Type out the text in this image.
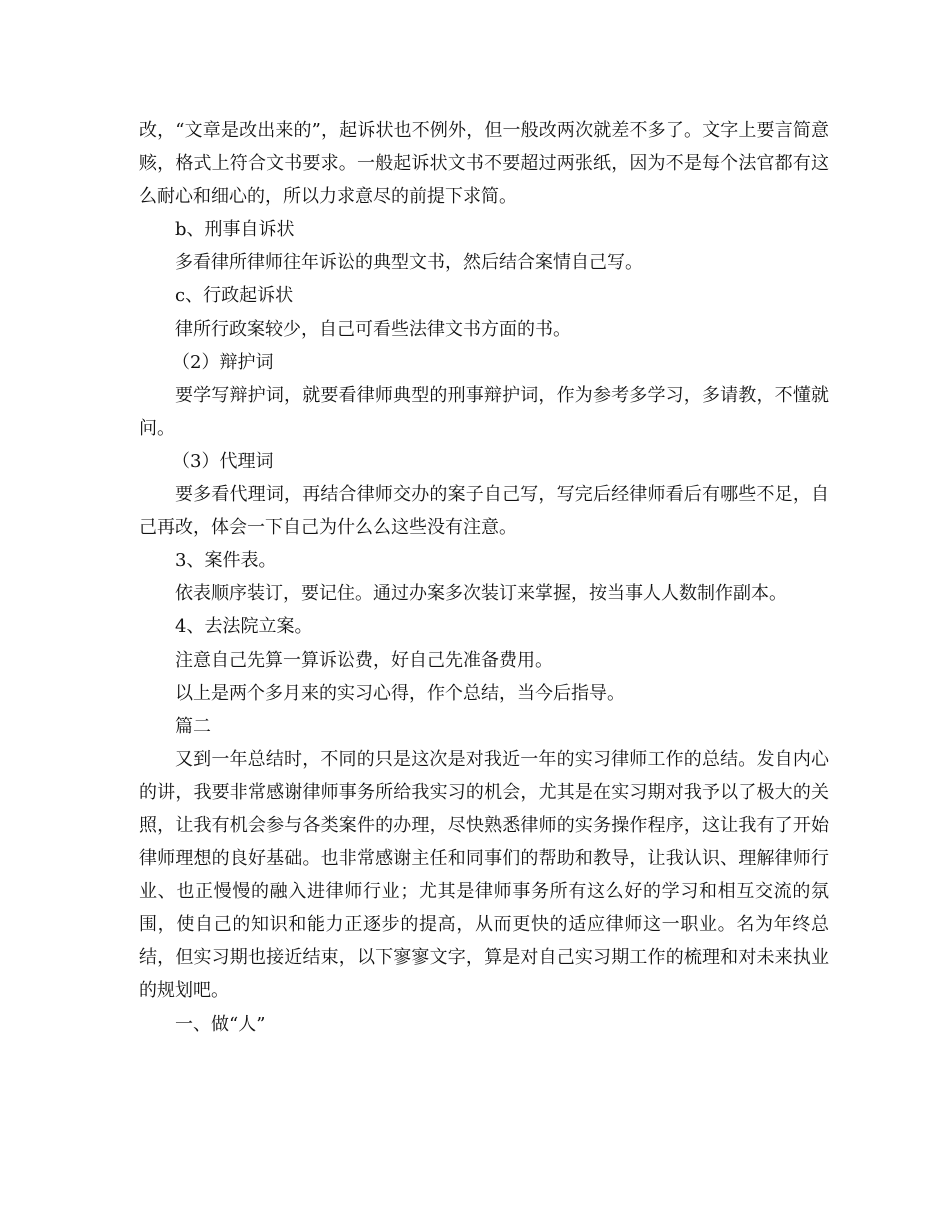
改，“文章是改出来的”，起诉状也不例外，但一般改两次就差不多了。文字上要言简意赅，格式上符合文书要求。一般起诉状文书不要超过两张纸，因为不是每个法官都有这么耐心和细心的，所以力求意尽的前提下求简。

b、刑事自诉状

多看律所律师往年诉讼的典型文书，然后结合案情自己写。

c、行政起诉状

律所行政案较少，自己可看些法律文书方面的书。

（2）辩护词

要学写辩护词，就要看律师典型的刑事辩护词，作为参考多学习，多请教，不懂就问。

（3）代理词

要多看代理词，再结合律师交办的案子自己写，写完后经律师看后有哪些不足，自己再改，体会一下自己为什么么这些没有注意。

3、案件表。

依表顺序装订，要记住。通过办案多次装订来掌握，按当事人人数制作副本。

4、去法院立案。

注意自己先算一算诉讼费，好自己先准备费用。

以上是两个多月来的实习心得，作个总结，当今后指导。

篇二

又到一年总结时，不同的只是这次是对我近一年的实习律师工作的总结。发自内心的讲，我要非常感谢律师事务所给我实习的机会，尤其是在实习期对我予以了极大的关照，让我有机会参与各类案件的办理，尽快熟悉律师的实务操作程序，这让我有了开始律师理想的良好基础。也非常感谢主任和同事们的帮助和教导，让我认识、理解律师行业、也正慢慢的融入进律师行业；尤其是律师事务所有这么好的学习和相互交流的氛围，使自己的知识和能力正逐步的提高，从而更快的适应律师这一职业。名为年终总结，但实习期也接近结束，以下寥寥文字，算是对自己实习期工作的梳理和对未来执业的规划吧。

一、做“人”
